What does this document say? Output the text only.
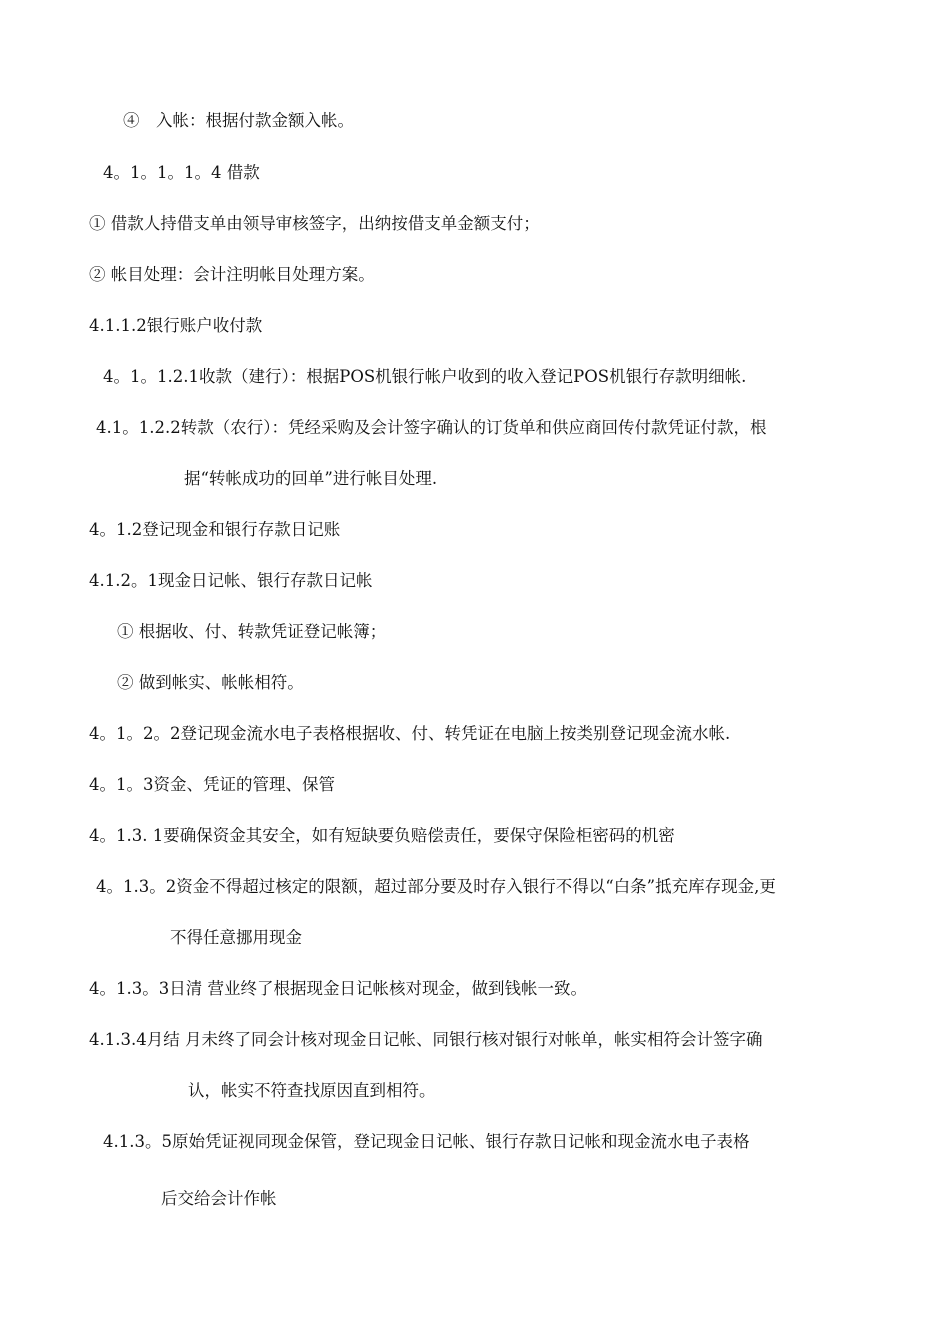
④　入帐：根据付款金额入帐。
4。1。1。1。4 借款
① 借款人持借支单由领导审核签字，出纳按借支单金额支付；
② 帐目处理：会计注明帐目处理方案。
4.1.1.2银行账户收付款
4。1。1.2.1收款（建行）：根据POS机银行帐户收到的收入登记POS机银行存款明细帐.
4.1。1.2.2转款（农行）：凭经采购及会计签字确认的订货单和供应商回传付款凭证付款，根
据“转帐成功的回单”进行帐目处理.
4。1.2登记现金和银行存款日记账
4.1.2。1现金日记帐、银行存款日记帐
① 根据收、付、转款凭证登记帐簿；
② 做到帐实、帐帐相符。
4。1。2。2登记现金流水电子表格根据收、付、转凭证在电脑上按类别登记现金流水帐.
4。1。3资金、凭证的管理、保管
4。1.3. 1要确保资金其安全，如有短缺要负赔偿责任，要保守保险柜密码的机密
4。1.3。2资金不得超过核定的限额，超过部分要及时存入银行不得以“白条”抵充库存现金,更
不得任意挪用现金
4。1.3。3日清 营业终了根据现金日记帐核对现金，做到钱帐一致。
4.1.3.4月结 月未终了同会计核对现金日记帐、同银行核对银行对帐单，帐实相符会计签字确
认，帐实不符查找原因直到相符。
4.1.3。5原始凭证视同现金保管，登记现金日记帐、银行存款日记帐和现金流水电子表格
后交给会计作帐
